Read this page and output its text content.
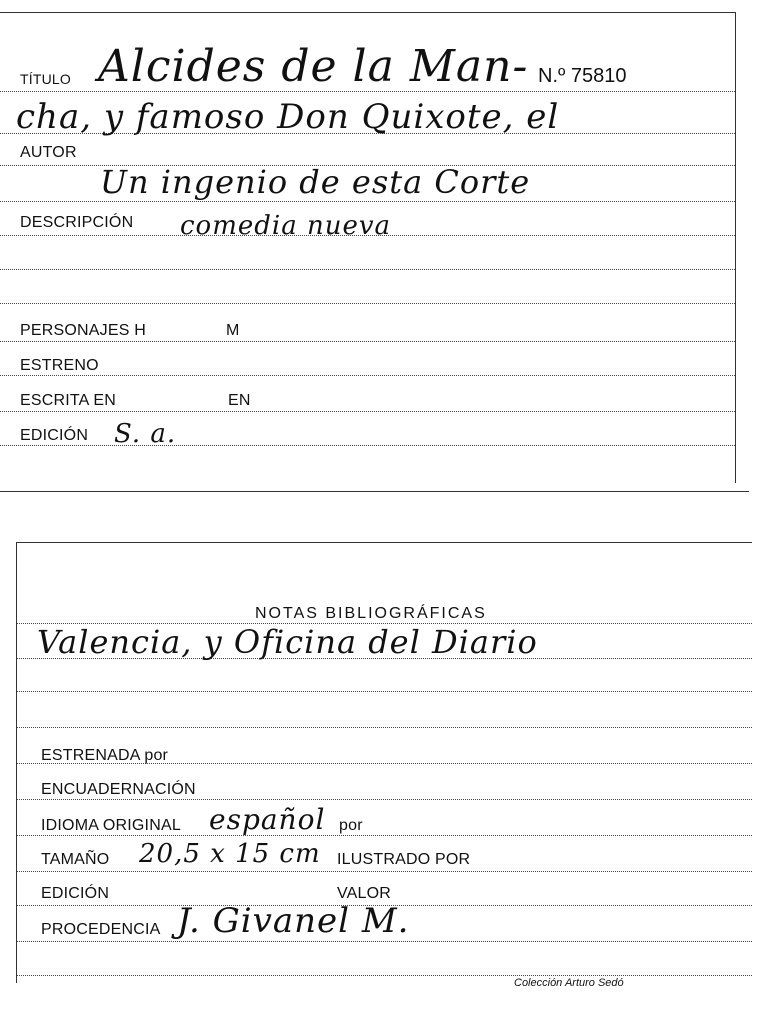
TÍTULO Alcides de la Man- N.º 75810
cha, y famoso Don Quixote, el
AUTOR
Un ingenio de esta Corte
DESCRIPCIÓN comedia nueva
PERSONAJES H	M
ESTRENO
ESCRITA EN	EN
EDICIÓN S. a.
NOTAS BIBLIOGRÁFICAS
Valencia, y Oficina del Diario
ESTRENADA por
ENCUADERNACIÓN
IDIOMA ORIGINAL español por
TAMAÑO 20,5 x 15 cm ILUSTRADO POR
EDICIÓN	VALOR
PROCEDENCIA J. Givanel M.
Colección Arturo Sedó
